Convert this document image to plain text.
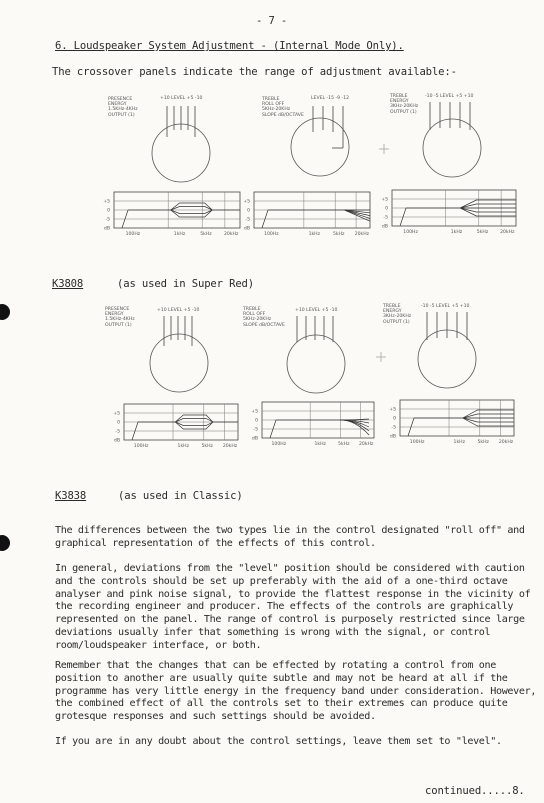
- 7 -
6. Loudspeaker System Adjustment - (Internal Mode Only).
The crossover panels indicate the range of adjustment available:-
PRESENCE
ENERGY
1.5KHz-4KHz
OUTPUT (1)
+10 LEVEL +5 -10	TREBLE
ROLL OFF
5KHz-20KHz
SLOPE dB/OCTAVE
LEVEL -15 -9 -12	TREBLE
ENERGY
3KHz-20KHz
OUTPUT (1)
-10 -5 LEVEL +5 +10
+5
0
-5
dB
100Hz	1kHz	5kHz	20kHz
+5
0
-5
dB
100Hz	1kHz	5kHz 20kHz
+5
0
-5
dB
100Hz	1kHz	5kHz	20kHz
K3808	(as used in Super Red)
PRESENCE
ENERGY
1.5KHz-4KHz
OUTPUT (1)
+10 LEVEL +5 -10	TREBLE
ROLL OFF
5KHz-20KHz
SLOPE dB/OCTAVE
+10 LEVEL +5 -10
TREBLE
ENERGY
3KHz-20KHz
OUTPUT (1)
-10 -5 LEVEL +5 +10
+5
0
-5
dB
100Hz	1kHz	5kHz 20kHz
+5
0
-5
dB
100Hz	1kHz	5kHz 20kHz
+5
0
-5
dB
100Hz	1kHz	5kHz 20kHz
K3838	(as used in Classic)
The differences between the two types lie in the control designated "roll off" and graphical representation of the effects of this control.
In general, deviations from the "level" position should be considered with caution and the controls should be set up preferably with the aid of a one-third octave analyser and pink noise signal, to provide the flattest response in the vicinity of the recording engineer and producer. The effects of the controls are graphically represented on the panel. The range of control is purposely restricted since large deviations usually infer that something is wrong with the signal, or control room/loudspeaker interface, or both.
Remember that the changes that can be effected by rotating a control from one position to another are usually quite subtle and may not be heard at all if the programme has very little energy in the frequency band under consideration. However, the combined effect of all the controls set to their extremes can produce quite grotesque responses and such settings should be avoided.
If you are in any doubt about the control settings, leave them set to "level".
continued.....8.
